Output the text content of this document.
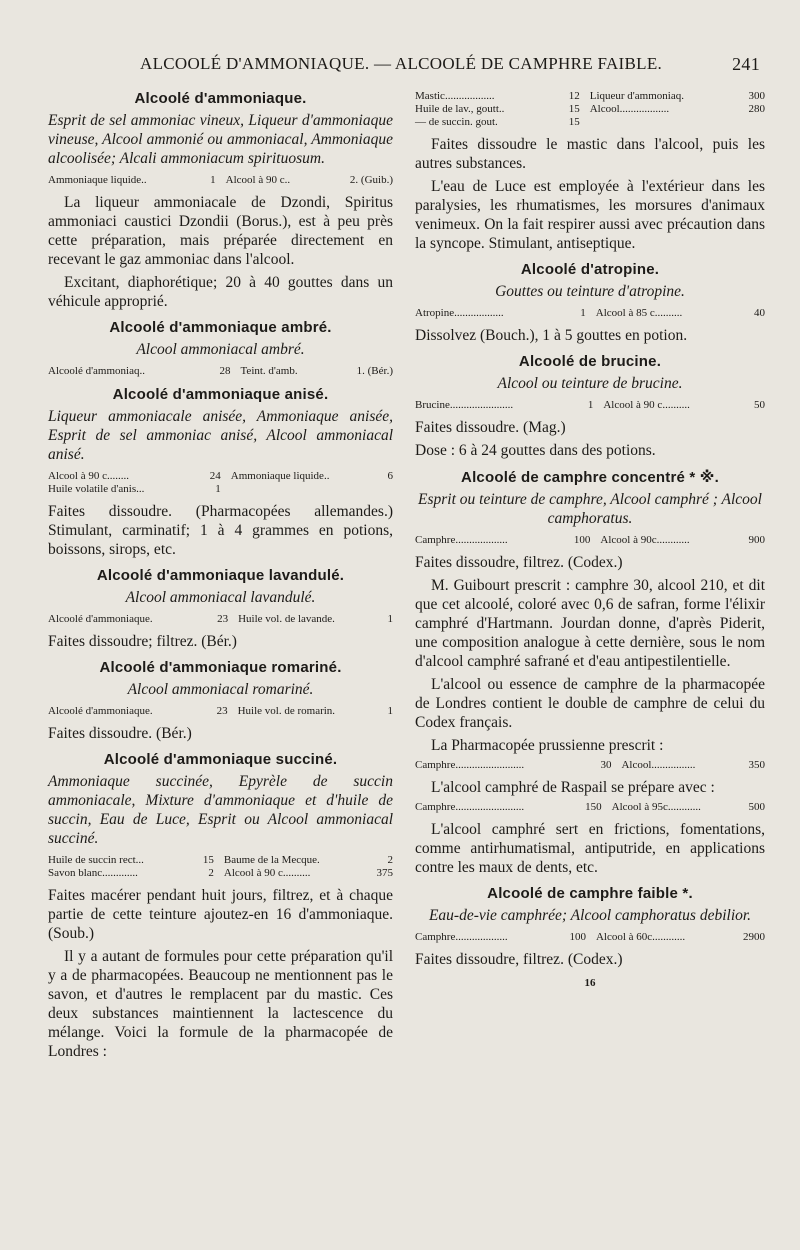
ALCOOLÉ D'AMMONIAQUE. — ALCOOLÉ DE CAMPHRE FAIBLE.	241
Alcoolé d'ammoniaque.
Esprit de sel ammoniac vineux, Liqueur d'ammoniaque vineuse, Alcool ammonié ou ammoniacal, Ammoniaque alcoolisée; Alcali ammoniacum spirituosum.
Ammoniaque liquide..	1	Alcool à 90 c..	2. (Guib.)

La liqueur ammoniacale de Dzondi, Spiritus ammoniaci caustici Dzondii (Borus.), est à peu près cette préparation, mais préparée directement en recevant le gaz ammoniac dans l'alcool.

Excitant, diaphorétique; 20 à 40 gouttes dans un véhicule approprié.

Alcoolé d'ammoniaque ambré.
Alcool ammoniacal ambré.
Alcoolé d'ammoniaq..	28	Teint. d'amb.	1. (Bér.)
Alcoolé d'ammoniaque anisé.
Liqueur ammoniacale anisée, Ammoniaque anisée, Esprit de sel ammoniac anisé, Alcool ammoniacal anisé.
Alcool à 90 c........	24	Ammoniaque liquide..	6
Huile volatile d'anis...	1		

Faites dissoudre. (Pharmacopées allemandes.) Stimulant, carminatif; 1 à 4 grammes en potions, boissons, sirops, etc.

Alcoolé d'ammoniaque lavandulé.
Alcool ammoniacal lavandulé.
Alcoolé d'ammoniaque.	23	Huile vol. de lavande.	1

Faites dissoudre; filtrez. (Bér.)

Alcoolé d'ammoniaque romariné.
Alcool ammoniacal romariné.
Alcoolé d'ammoniaque.	23	Huile vol. de romarin.	1

Faites dissoudre. (Bér.)

Alcoolé d'ammoniaque succiné.
Ammoniaque succinée, Epyrèle de succin ammoniacale, Mixture d'ammoniaque et d'huile de succin, Eau de Luce, Esprit ou Alcool ammoniacal succiné.
Huile de succin rect...	15	Baume de la Mecque.	2
Savon blanc.............	2	Alcool à 90 c..........	375

Faites macérer pendant huit jours, filtrez, et à chaque partie de cette teinture ajoutez-en 16 d'ammoniaque. (Soub.)

Il y a autant de formules pour cette préparation qu'il y a de pharmacopées. Beaucoup ne mentionnent pas le savon, et d'autres le remplacent par du mastic. Ces deux substances maintiennent la lactescence du mélange. Voici la formule de la pharmacopée de Londres :

Mastic..................	12	Liqueur d'ammoniaq.	300
Huile de lav., goutt..	15	Alcool..................	280
— de succin. gout.	15		

Faites dissoudre le mastic dans l'alcool, puis les autres substances.

L'eau de Luce est employée à l'extérieur dans les paralysies, les rhumatismes, les morsures d'animaux venimeux. On la fait respirer aussi avec précaution dans la syncope. Stimulant, antiseptique.

Alcoolé d'atropine.
Gouttes ou teinture d'atropine.
Atropine..................	1	Alcool à 85 c..........	40

Dissolvez (Bouch.), 1 à 5 gouttes en potion.

Alcoolé de brucine.
Alcool ou teinture de brucine.
Brucine.......................	1	Alcool à 90 c..........	50

Faites dissoudre. (Mag.)

Dose : 6 à 24 gouttes dans des potions.

Alcoolé de camphre concentré * ※.
Esprit ou teinture de camphre, Alcool camphré ; Alcool camphoratus.
Camphre...................	100	Alcool à 90c............	900

Faites dissoudre, filtrez. (Codex.)

M. Guibourt prescrit : camphre 30, alcool 210, et dit que cet alcoolé, coloré avec 0,6 de safran, forme l'élixir camphré d'Hartmann. Jourdan donne, d'après Piderit, une composition analogue à cette dernière, sous le nom d'alcool camphré safrané et d'eau antipestilentielle.

L'alcool ou essence de camphre de la pharmacopée de Londres contient le double de camphre de celui du Codex français.

La Pharmacopée prussienne prescrit :

Camphre.........................	30	Alcool................	350

L'alcool camphré de Raspail se prépare avec :

Camphre.........................	150	Alcool à 95c............	500

L'alcool camphré sert en frictions, fomentations, comme antirhumatismal, antiputride, en applications contre les maux de dents, etc.

Alcoolé de camphre faible *.
Eau-de-vie camphrée; Alcool camphoratus debilior.
Camphre...................	100	Alcool à 60c............	2900

Faites dissoudre, filtrez. (Codex.)

16
